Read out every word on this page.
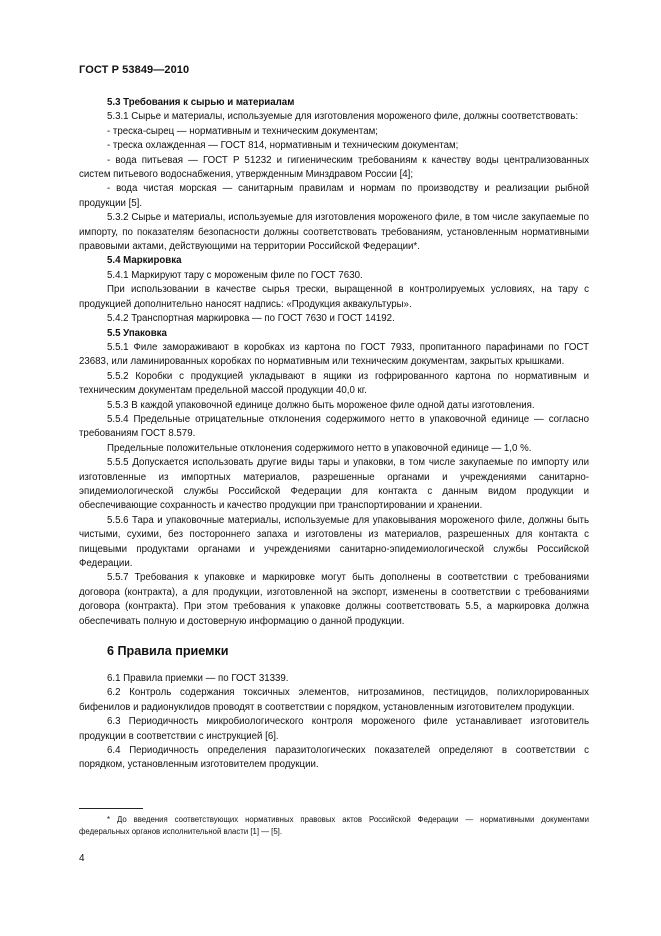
ГОСТ Р 53849—2010

5.3 Требования к сырью и материалам

5.3.1 Сырье и материалы, используемые для изготовления мороженого филе, должны соответствовать:

- треска-сырец — нормативным и техническим документам;

- треска охлажденная — ГОСТ 814, нормативным и техническим документам;

- вода питьевая — ГОСТ Р 51232 и гигиеническим требованиям к качеству воды централизованных систем питьевого водоснабжения, утвержденным Минздравом России [4];

- вода чистая морская — санитарным правилам и нормам по производству и реализации рыбной продукции [5].

5.3.2 Сырье и материалы, используемые для изготовления мороженого филе, в том числе закупаемые по импорту, по показателям безопасности должны соответствовать требованиям, установленным нормативными правовыми актами, действующими на территории Российской Федерации*.

5.4 Маркировка

5.4.1 Маркируют тару с мороженым филе по ГОСТ 7630.

При использовании в качестве сырья трески, выращенной в контролируемых условиях, на тару с продукцией дополнительно наносят надпись: «Продукция аквакультуры».

5.4.2 Транспортная маркировка — по ГОСТ 7630 и ГОСТ 14192.

5.5 Упаковка

5.5.1 Филе замораживают в коробках из картона по ГОСТ 7933, пропитанного парафинами по ГОСТ 23683, или ламинированных коробках по нормативным или техническим документам, закрытых крышками.

5.5.2 Коробки с продукцией укладывают в ящики из гофрированного картона по нормативным и техническим документам предельной массой продукции 40,0 кг.

5.5.3 В каждой упаковочной единице должно быть мороженое филе одной даты изготовления.

5.5.4 Предельные отрицательные отклонения содержимого нетто в упаковочной единице — согласно требованиям ГОСТ 8.579.

Предельные положительные отклонения содержимого нетто в упаковочной единице — 1,0 %.

5.5.5 Допускается использовать другие виды тары и упаковки, в том числе закупаемые по импорту или изготовленные из импортных материалов, разрешенные органами и учреждениями санитарно-эпидемиологической службы Российской Федерации для контакта с данным видом продукции и обеспечивающие сохранность и качество продукции при транспортировании и хранении.

5.5.6 Тара и упаковочные материалы, используемые для упаковывания мороженого филе, должны быть чистыми, сухими, без постороннего запаха и изготовлены из материалов, разрешенных для контакта с пищевыми продуктами органами и учреждениями санитарно-эпидемиологической службы Российской Федерации.

5.5.7 Требования к упаковке и маркировке могут быть дополнены в соответствии с требованиями договора (контракта), а для продукции, изготовленной на экспорт, изменены в соответствии с требованиями договора (контракта). При этом требования к упаковке должны соответствовать 5.5, а маркировка должна обеспечивать полную и достоверную информацию о данной продукции.

6 Правила приемки

6.1 Правила приемки — по ГОСТ 31339.

6.2 Контроль содержания токсичных элементов, нитрозаминов, пестицидов, полихлорированных бифенилов и радионуклидов проводят в соответствии с порядком, установленным изготовителем продукции.

6.3 Периодичность микробиологического контроля мороженого филе устанавливает изготовитель продукции в соответствии с инструкцией [6].

6.4 Периодичность определения паразитологических показателей определяют в соответствии с порядком, установленным изготовителем продукции.

* До введения соответствующих нормативных правовых актов Российской Федерации — нормативными документами федеральных органов исполнительной власти [1] — [5].
4
